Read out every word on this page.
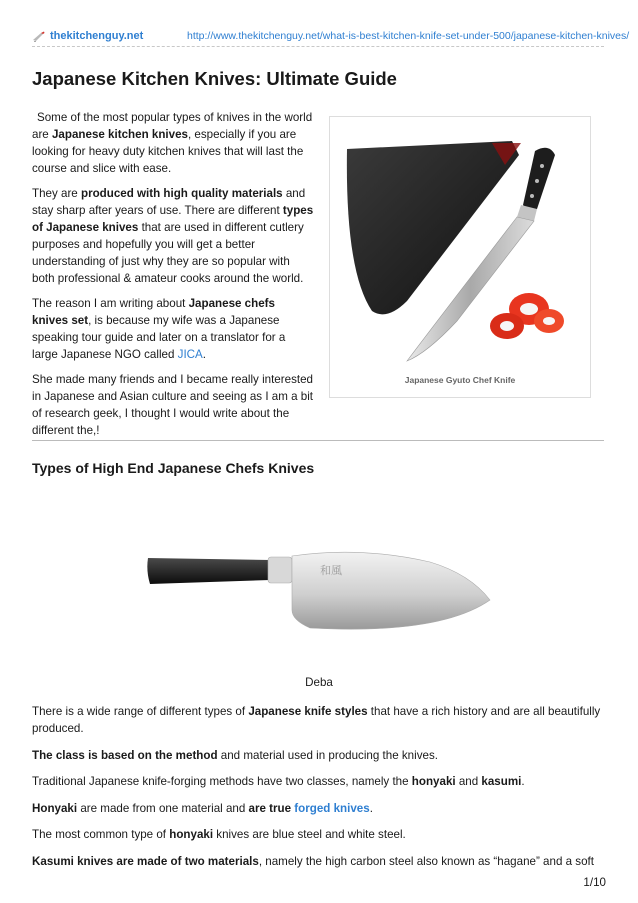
thekitchenguy.net	http://www.thekitchenguy.net/what-is-best-kitchen-knife-set-under-500/japanese-kitchen-knives/
Japanese Kitchen Knives: Ultimate Guide

Some of the most popular types of knives in the world are Japanese kitchen knives, especially if you are looking for heavy duty kitchen knives that will last the course and slice with ease.

They are produced with high quality materials and stay sharp after years of use. There are different types of Japanese knives that are used in different cutlery purposes and hopefully you will get a better understanding of just why they are so popular with both professional & amateur cooks around the world.

The reason I am writing about Japanese chefs knives set, is because my wife was a Japanese speaking tour guide and later on a translator for a large Japanese NGO called JICA.

She made many friends and I became really interested in Japanese and Asian culture and seeing as I am a bit of research geek, I thought I would write about the different the,!

Japanese Gyuto Chef Knife
Types of High End Japanese Chefs Knives
和風
Deba

There is a wide range of different types of Japanese knife styles that have a rich history and are all beautifully produced.

The class is based on the method and material used in producing the knives.

Traditional Japanese knife-forging methods have two classes, namely the honyaki and kasumi.

Honyaki are made from one material and are true forged knives.

The most common type of honyaki knives are blue steel and white steel.

Kasumi knives are made of two materials, namely the high carbon steel also known as “hagane” and a soft

1/10
